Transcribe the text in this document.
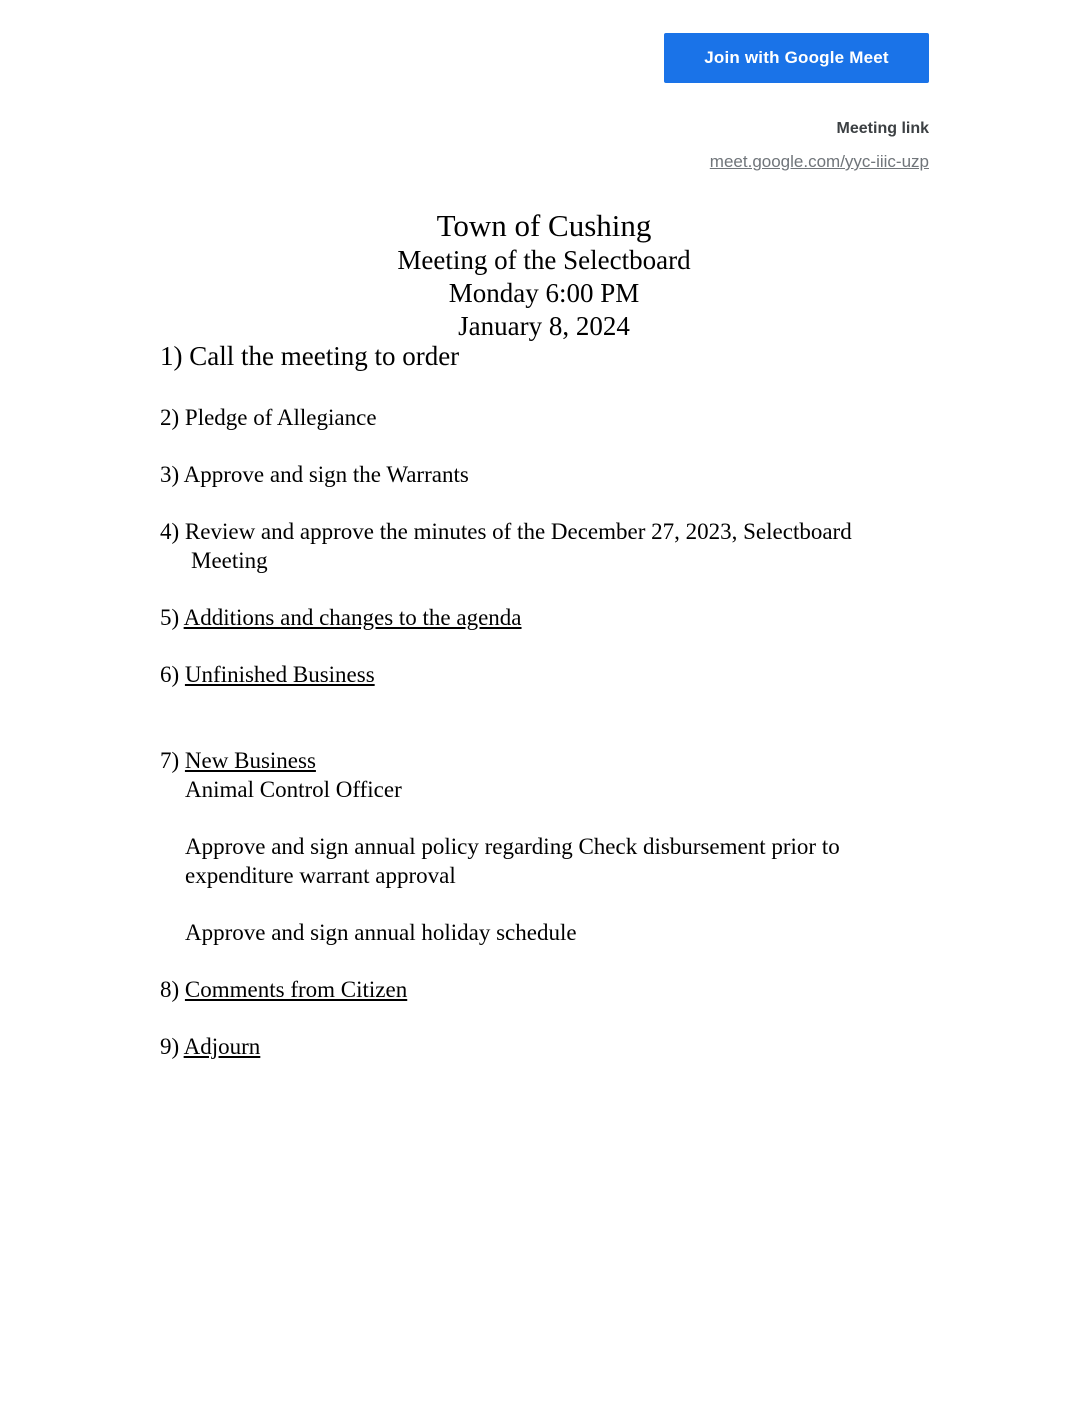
Join with Google Meet
Meeting link
meet.google.com/yyc-iiic-uzp
Town of Cushing
Meeting of the Selectboard
Monday 6:00 PM
January 8, 2024
1) Call the meeting to order
2) Pledge of Allegiance
3) Approve and sign the Warrants
4) Review and approve the minutes of the December 27, 2023, Selectboard
Meeting
5) Additions and changes to the agenda
6) Unfinished Business
7) New Business
Animal Control Officer
Approve and sign annual policy regarding Check disbursement prior to
expenditure warrant approval
Approve and sign annual holiday schedule
8) Comments from Citizen
9) Adjourn
